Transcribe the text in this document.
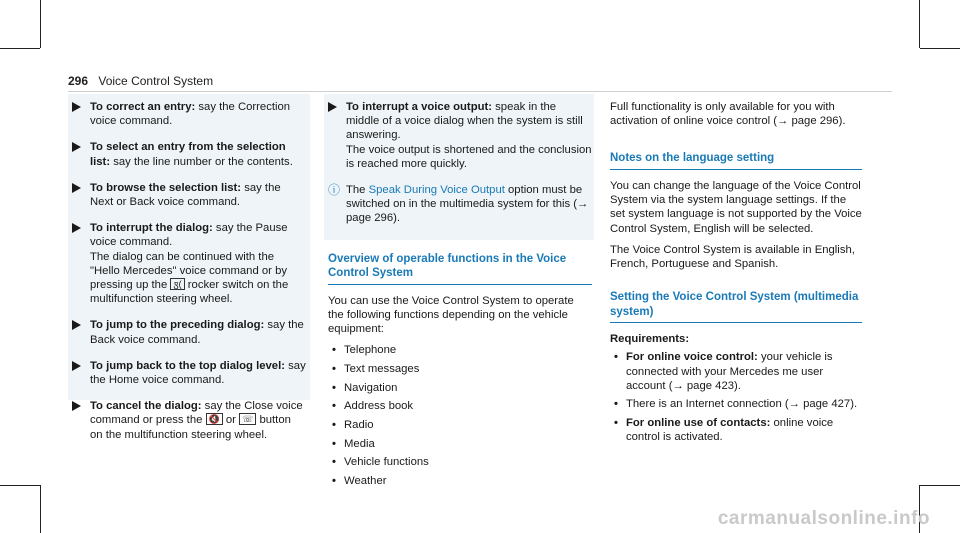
296 Voice Control System
To correct an entry: say the Correction voice command.
To select an entry from the selection list: say the line number or the contents.
To browse the selection list: say the Next or Back voice command.
To interrupt the dialog: say the Pause voice command.
The dialog can be continued with the "Hello Mercedes" voice command or by pressing up the ꟑ( rocker switch on the multifunction steering wheel.
To jump to the preceding dialog: say the Back voice command.
To jump back to the top dialog level: say the Home voice command.
To cancel the dialog: say the Close voice command or press the 🔇 or ☏ button on the multifunction steering wheel.
To interrupt a voice output: speak in the middle of a voice dialog when the system is still answering.
The voice output is shortened and the conclusion is reached more quickly.
ⓘ The Speak During Voice Output option must be switched on in the multimedia system for this (→ page 296).
Overview of operable functions in the Voice Control System

You can use the Voice Control System to operate the following functions depending on the vehicle equipment:

• Telephone
• Text messages
• Navigation
• Address book
• Radio
• Media
• Vehicle functions
• Weather

Full functionality is only available for you with activation of online voice control (→ page 296).

Notes on the language setting

You can change the language of the Voice Control System via the system language settings. If the set system language is not supported by the Voice Control System, English will be selected.

The Voice Control System is available in English, French, Portuguese and Spanish.

Setting the Voice Control System (multimedia system)

Requirements:

• For online voice control: your vehicle is connected with your Mercedes me user account (→ page 423).
• There is an Internet connection (→ page 427).
• For online use of contacts: online voice control is activated.
carmanualsonline.info
